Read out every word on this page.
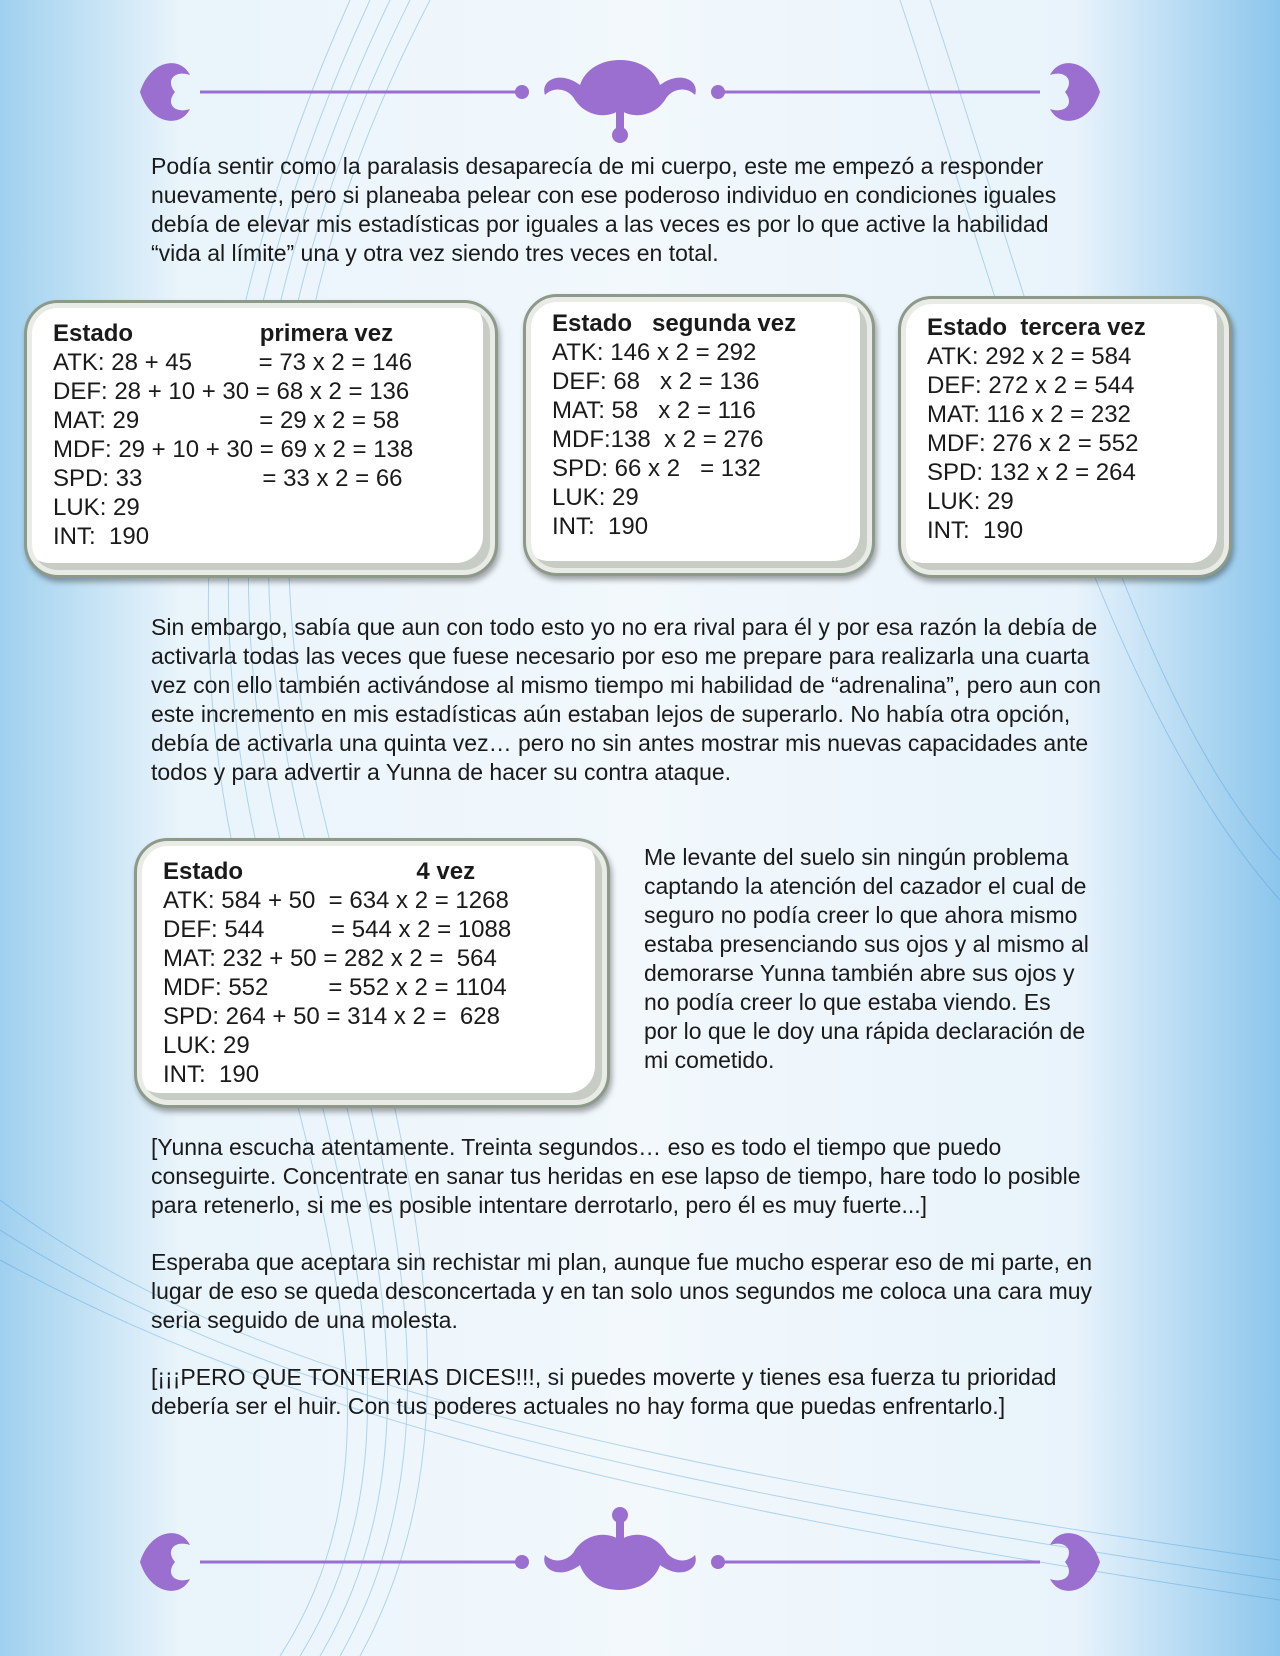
Podía sentir como la paralasis desaparecía de mi cuerpo, este me empezó a responder nuevamente, pero si planeaba pelear con ese poderoso individuo en condiciones iguales debía de elevar mis estadísticas por iguales a las veces es por lo que active la habilidad “vida al límite” una y otra vez siendo tres veces en total.

Estado                   primera vez
ATK: 28 + 45          = 73 x 2 = 146
DEF: 28 + 10 + 30 = 68 x 2 = 136
MAT: 29                  = 29 x 2 = 58
MDF: 29 + 10 + 30 = 69 x 2 = 138
SPD: 33                  = 33 x 2 = 66
LUK: 29
INT:  190
Estado   segunda vez
ATK: 146 x 2 = 292
DEF: 68   x 2 = 136
MAT: 58   x 2 = 116
MDF:138  x 2 = 276
SPD: 66 x 2   = 132
LUK: 29
INT:  190
Estado  tercera vez
ATK: 292 x 2 = 584
DEF: 272 x 2 = 544
MAT: 116 x 2 = 232
MDF: 276 x 2 = 552
SPD: 132 x 2 = 264
LUK: 29
INT:  190

Sin embargo, sabía que aun con todo esto yo no era rival para él y por esa razón la debía de activarla todas las veces que fuese necesario por eso me prepare para realizarla una cuarta vez con ello también activándose al mismo tiempo mi habilidad de “adrenalina”, pero aun con este incremento en mis estadísticas aún estaban lejos de superarlo. No había otra opción, debía de activarla una quinta vez… pero no sin antes mostrar mis nuevas capacidades ante todos y para advertir a Yunna de hacer su contra ataque.

Estado                          4 vez
ATK: 584 + 50  = 634 x 2 = 1268
DEF: 544          = 544 x 2 = 1088
MAT: 232 + 50 = 282 x 2 =  564
MDF: 552         = 552 x 2 = 1104
SPD: 264 + 50 = 314 x 2 =  628
LUK: 29
INT:  190

Me levante del suelo sin ningún problema captando la atención del cazador el cual de seguro no podía creer lo que ahora mismo estaba presenciando sus ojos y al mismo al demorarse Yunna también abre sus ojos y no podía creer lo que estaba viendo. Es por lo que le doy una rápida declaración de mi cometido.

[Yunna escucha atentamente. Treinta segundos… eso es todo el tiempo que puedo conseguirte. Concentrate en sanar tus heridas en ese lapso de tiempo, hare todo lo posible para retenerlo, si me es posible intentare derrotarlo, pero él es muy fuerte...]

Esperaba que aceptara sin rechistar mi plan, aunque fue mucho esperar eso de mi parte, en lugar de eso se queda desconcertada y en tan solo unos segundos me coloca una cara muy seria seguido de una molesta.

[¡¡¡PERO QUE TONTERIAS DICES!!!, si puedes moverte y tienes esa fuerza tu prioridad debería ser el huir. Con tus poderes actuales no hay forma que puedas enfrentarlo.]
